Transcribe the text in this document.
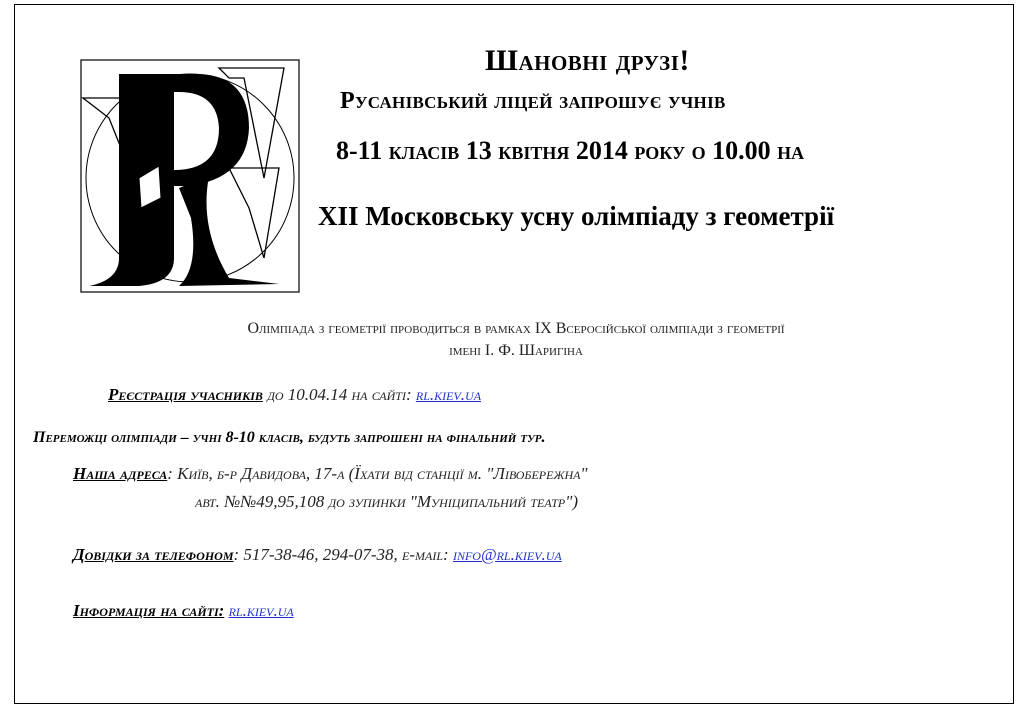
Шановні друзі!
Русанівський ліцей запрошує учнів
8-11 класів 13 квітня 2014 року о 10.00 на
XII Московську усну олімпіаду з геометрії
Олімпіада з геометрії проводиться в рамках IX Всеросійської олімпіади з геометрії
імені І. Ф. Шаригіна
Реєстрація учасників до 10.04.14 на сайті: rl.kiev.ua
Переможці олімпіади – учні 8-10 класів, будуть запрошені на фінальний тур.
Наша адреса: Київ, б-р Давидова, 17-а (Їхати від станції м. "Лівобережна"
авт. №№49,95,108 до зупинки "Муніципальний театр")
Довідки за телефоном: 517-38-46, 294-07-38, e-mail: info@rl.kiev.ua
Інформація на сайті: rl.kiev.ua
